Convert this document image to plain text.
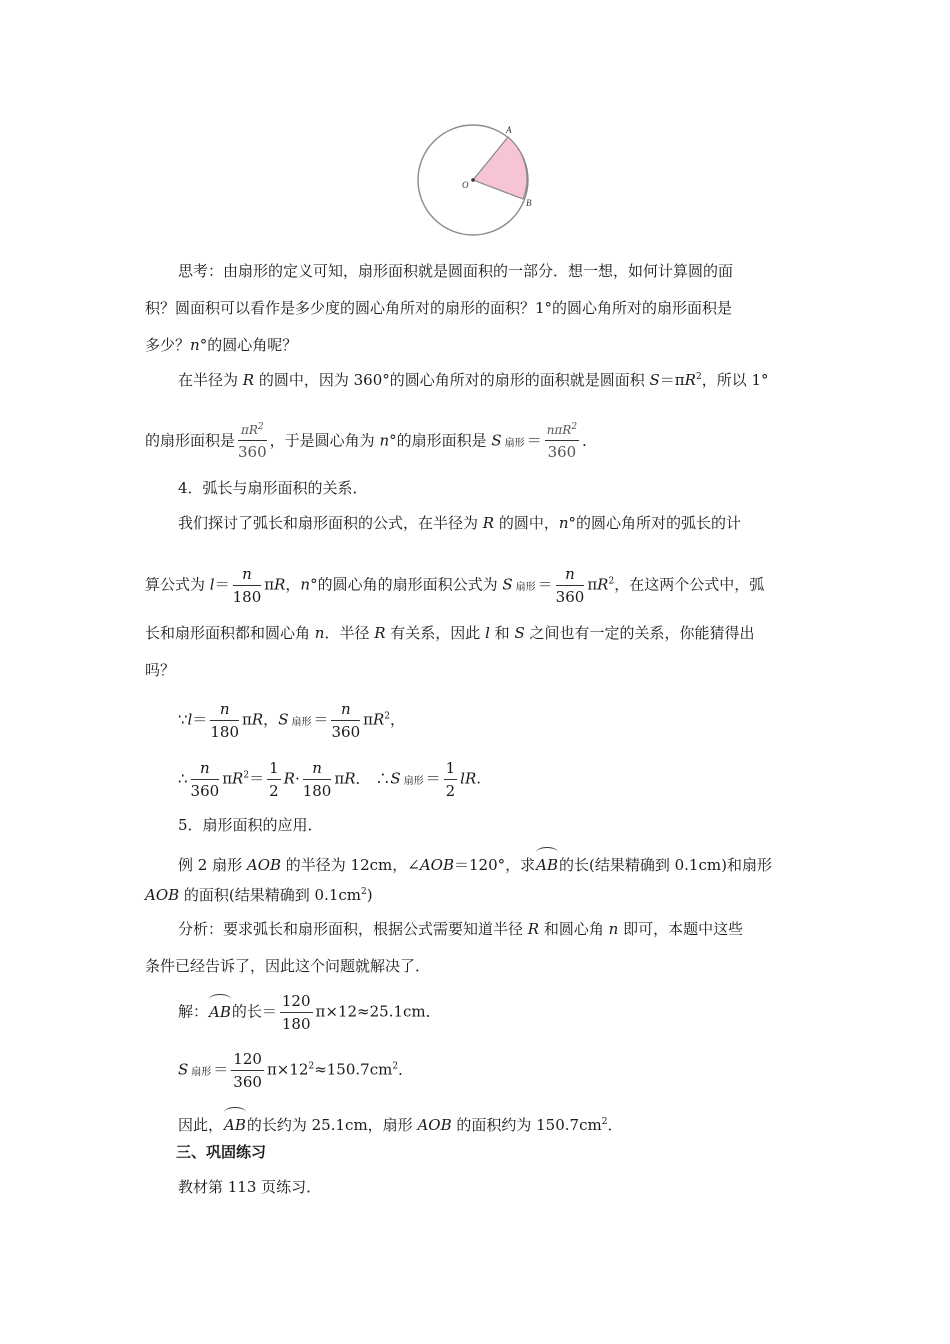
A
B
O
思考：由扇形的定义可知，扇形面积就是圆面积的一部分．想一想，如何计算圆的面
积？圆面积可以看作是多少度的圆心角所对的扇形的面积？1°的圆心角所对的扇形面积是
多少？n°的圆心角呢？
在半径为 R 的圆中，因为 360°的圆心角所对的扇形的面积就是圆面积 $S=\pi R^2$，所以 1°
的扇形面积是 $\frac{\pi R^2}{360}$ ，于是圆心角为 n°的扇形面积是 S 扇形 ＝ $\frac{n\pi R^2}{360}$ ．
4．弧长与扇形面积的关系．
我们探讨了弧长和扇形面积的公式，在半径为 R 的圆中，n°的圆心角所对的弧长的计
算公式为 $l= \frac{n}{180}$ πR，n°的圆心角的扇形面积公式为 S 扇形 ＝ $\frac{n}{360} \pi R^2$，在这两个公式中，弧
长和扇形面积都和圆心角 n．半径 R 有关系，因此 l 和 S 之间也有一定的关系，你能猜得出
吗？
∵l＝ $\frac{n}{180}$ πR，S 扇形 ＝ $\frac{n}{360} \pi R^2$，
∴ $\frac{n}{360} \pi R^2= \frac{1}{2} R\cdot \frac{n}{180}$ πR． ∴S 扇形 ＝ $\frac{1}{2}$ lR.
5．扇形面积的应用．
例 2 扇形 AOB 的半径为 12cm，∠AOB＝120°，求AB的长(结果精确到 0.1cm)和扇形
AOB 的面积(结果精确到 $0.1cm^2$)
分析：要求弧长和扇形面积，根据公式需要知道半径 R 和圆心角 n 即可，本题中这些
条件已经告诉了，因此这个问题就解决了．
解：AB的长＝ $\frac{120}{180} \pi\times 12\approx 25.1cm$．
S扇形 ＝ $\frac{120}{360} \pi\times 12^2\approx 150.7cm^2$．
因此，AB的长约为 25.1cm，扇形 AOB 的面积约为 $150.7cm^2$．
三、巩固练习
教材第 113 页练习．
